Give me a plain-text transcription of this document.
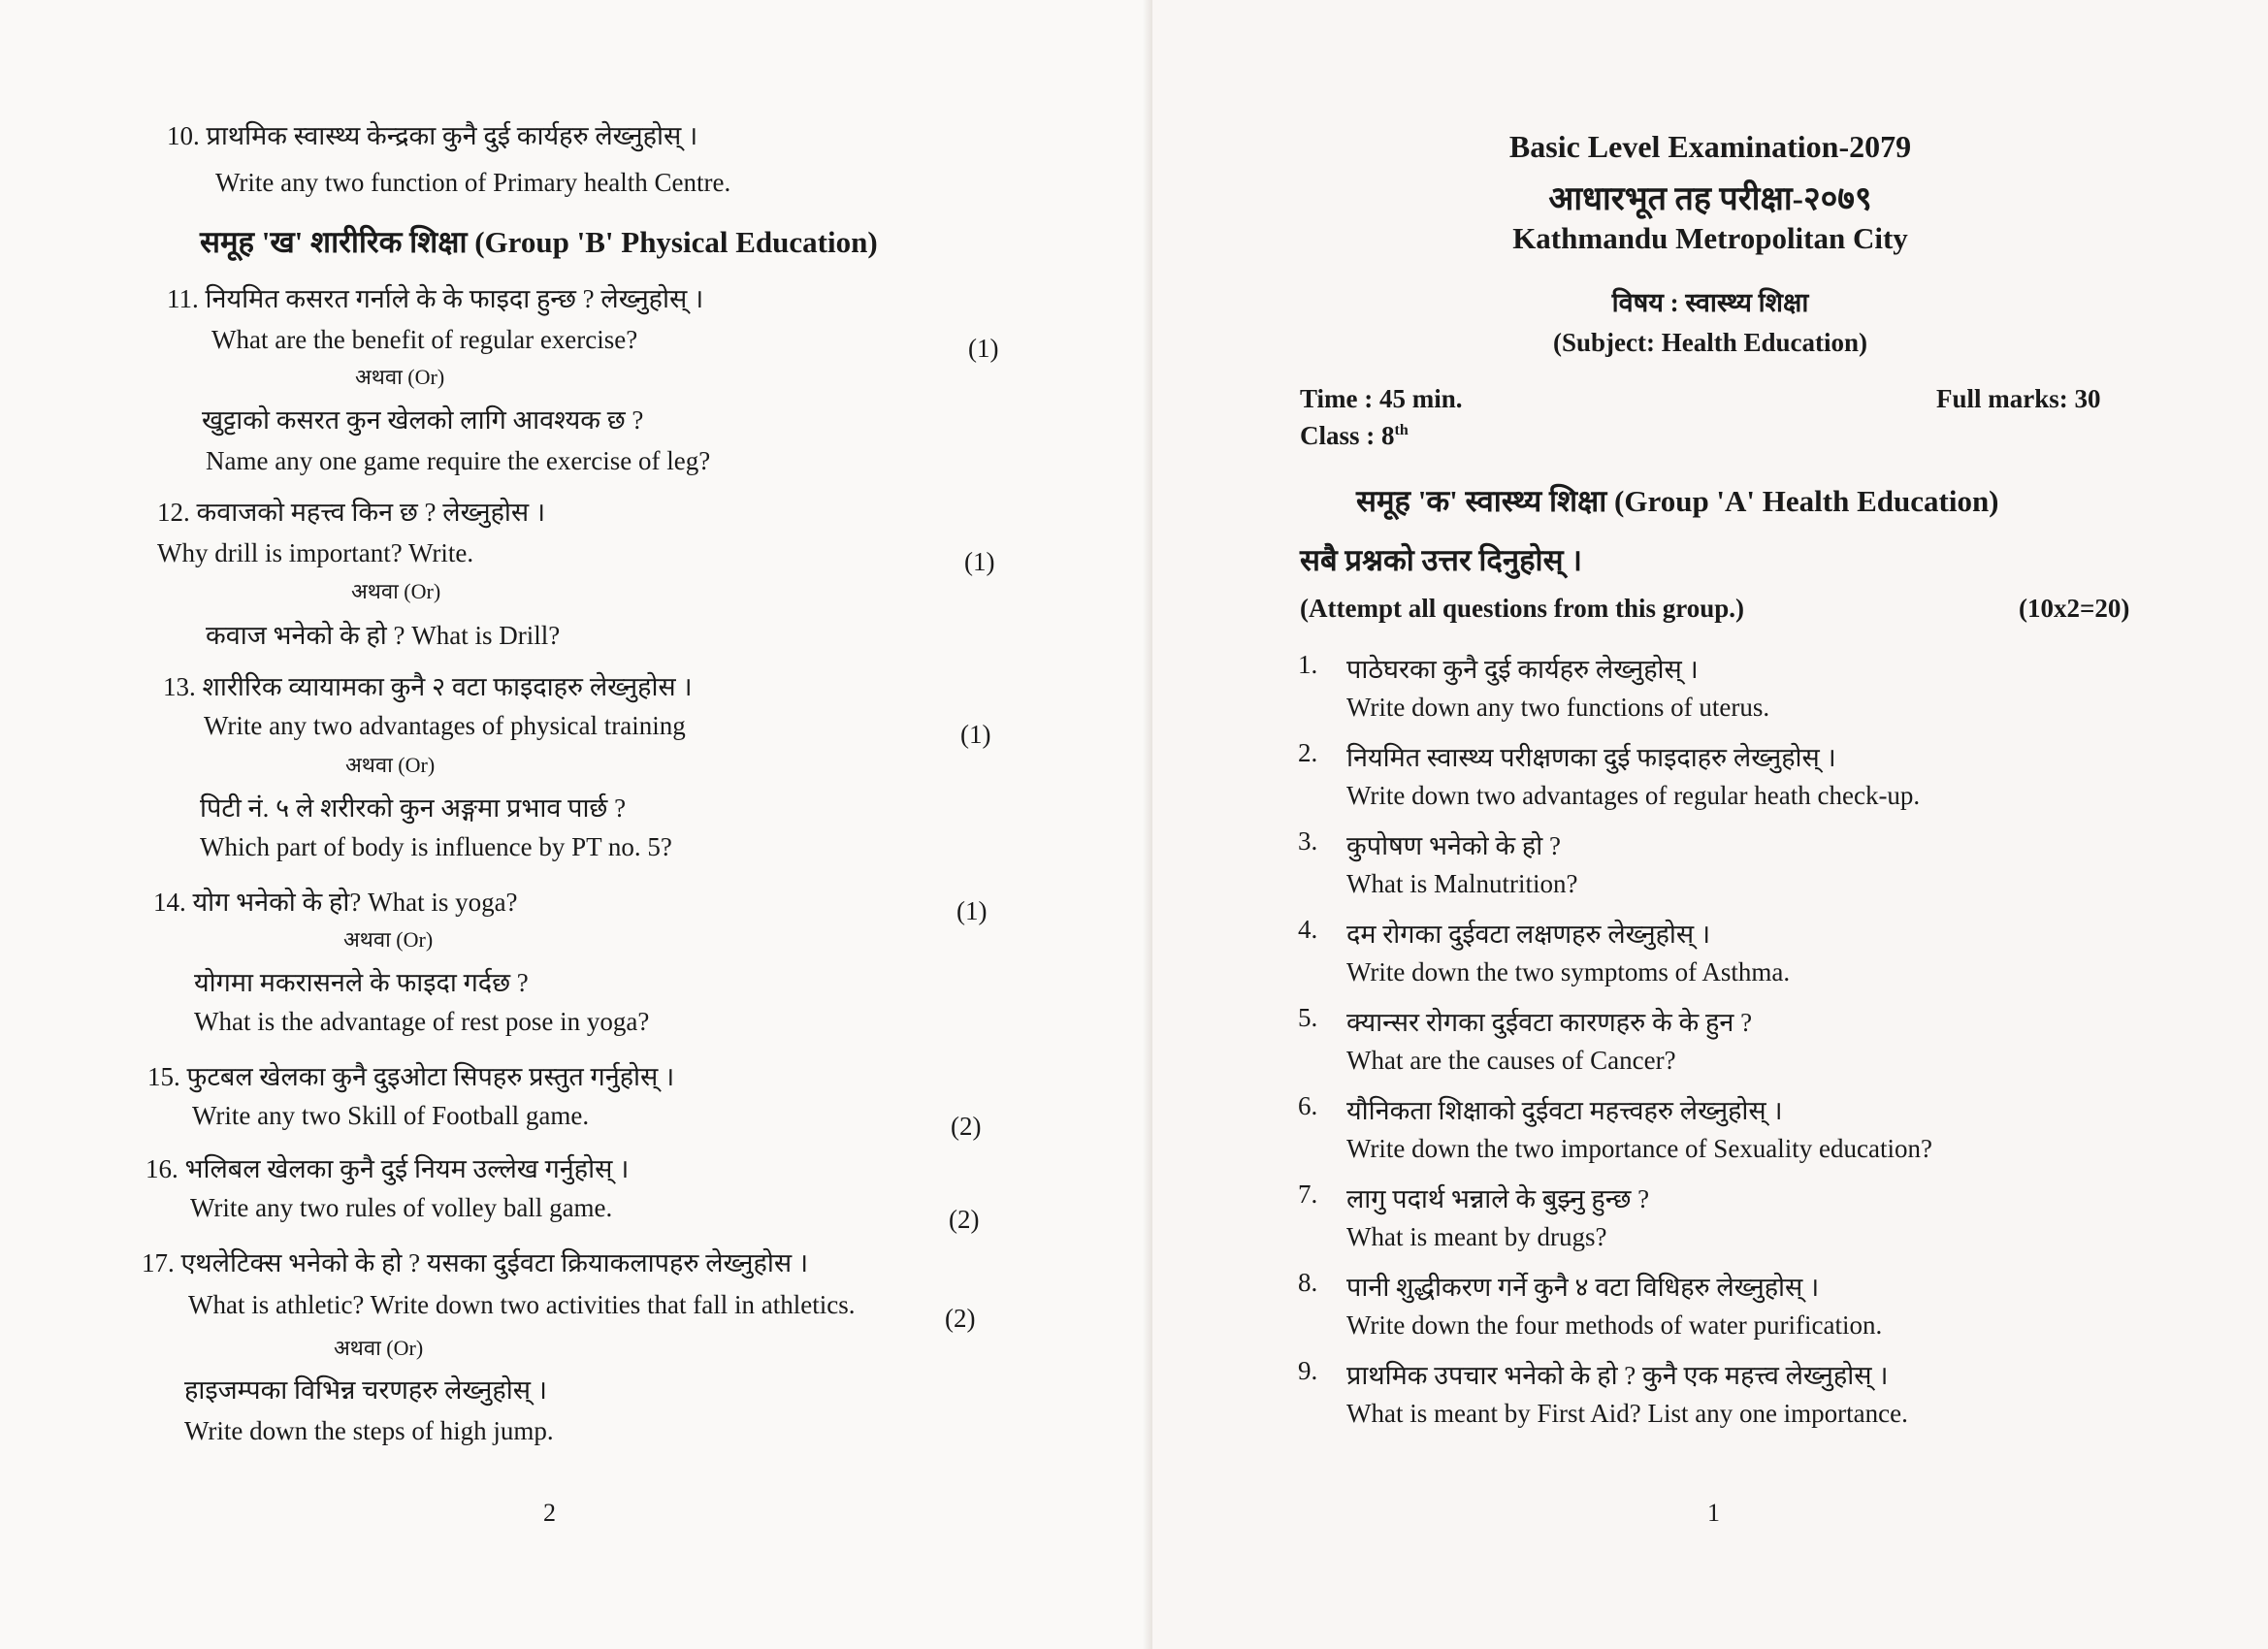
10. प्राथमिक स्वास्थ्य केन्द्रका कुनै दुई कार्यहरु लेख्नुहोस् ।
Write any two function of Primary health Centre.
समूह 'ख' शारीरिक शिक्षा (Group 'B' Physical Education)
11. नियमित कसरत गर्नाले के के फाइदा हुन्छ ? लेख्नुहोस् ।
What are the benefit of regular exercise?	(1)
अथवा (Or)
खुट्टाको कसरत कुन खेलको लागि आवश्यक छ ?
Name any one game require the exercise of leg?
12. कवाजको महत्त्व किन छ ? लेख्नुहोस ।
Why drill is important? Write.	(1)
अथवा (Or)
कवाज भनेको के हो ? What is Drill?
13. शारीरिक व्यायामका कुनै २ वटा फाइदाहरु लेख्नुहोस ।
Write any two advantages of physical training	(1)
अथवा (Or)
पिटी नं. ५ ले शरीरको कुन अङ्गमा प्रभाव पार्छ ?
Which part of body is influence by PT no. 5?
14. योग भनेको के हो? What is yoga?	(1)
अथवा (Or)
योगमा मकरासनले के फाइदा गर्दछ ?
What is the advantage of rest pose in yoga?
15. फुटबल खेलका कुनै दुइओटा सिपहरु प्रस्तुत गर्नुहोस् ।
Write any two Skill of Football game.	(2)
16. भलिबल खेलका कुनै दुई नियम उल्लेख गर्नुहोस् ।
Write any two rules of volley ball game.	(2)
17. एथलेटिक्स भनेको के हो ? यसका दुईवटा क्रियाकलापहरु लेख्नुहोस ।
What is athletic? Write down two activities that fall in athletics.	(2)
अथवा (Or)
हाइजम्पका विभिन्न चरणहरु लेख्नुहोस् ।
Write down the steps of high jump.
2
Basic Level Examination-2079
आधारभूत तह परीक्षा-२०७९
Kathmandu Metropolitan City
विषय : स्वास्थ्य शिक्षा
(Subject: Health Education)
Time : 45 min.	Full marks: 30
Class : 8th
समूह 'क' स्वास्थ्य शिक्षा (Group 'A' Health Education)
सबै प्रश्नको उत्तर दिनुहोस् ।
(Attempt all questions from this group.)	(10x2=20)
1. पाठेघरका कुनै दुई कार्यहरु लेख्नुहोस् ।
Write down any two functions of uterus.
2. नियमित स्वास्थ्य परीक्षणका दुई फाइदाहरु लेख्नुहोस् ।
Write down two advantages of regular heath check-up.
3. कुपोषण भनेको के हो ?
What is Malnutrition?
4. दम रोगका दुईवटा लक्षणहरु लेख्नुहोस् ।
Write down the two symptoms of Asthma.
5. क्यान्सर रोगका दुईवटा कारणहरु के के हुन ?
What are the causes of Cancer?
6. यौनिकता शिक्षाको दुईवटा महत्त्वहरु लेख्नुहोस् ।
Write down the two importance of Sexuality education?
7. लागु पदार्थ भन्नाले के बुझ्नु हुन्छ ?
What is meant by drugs?
8. पानी शुद्धीकरण गर्ने कुनै ४ वटा विधिहरु लेख्नुहोस् ।
Write down the four methods of water purification.
9. प्राथमिक उपचार भनेको के हो ? कुनै एक महत्त्व लेख्नुहोस् ।
What is meant by First Aid? List any one importance.
1
